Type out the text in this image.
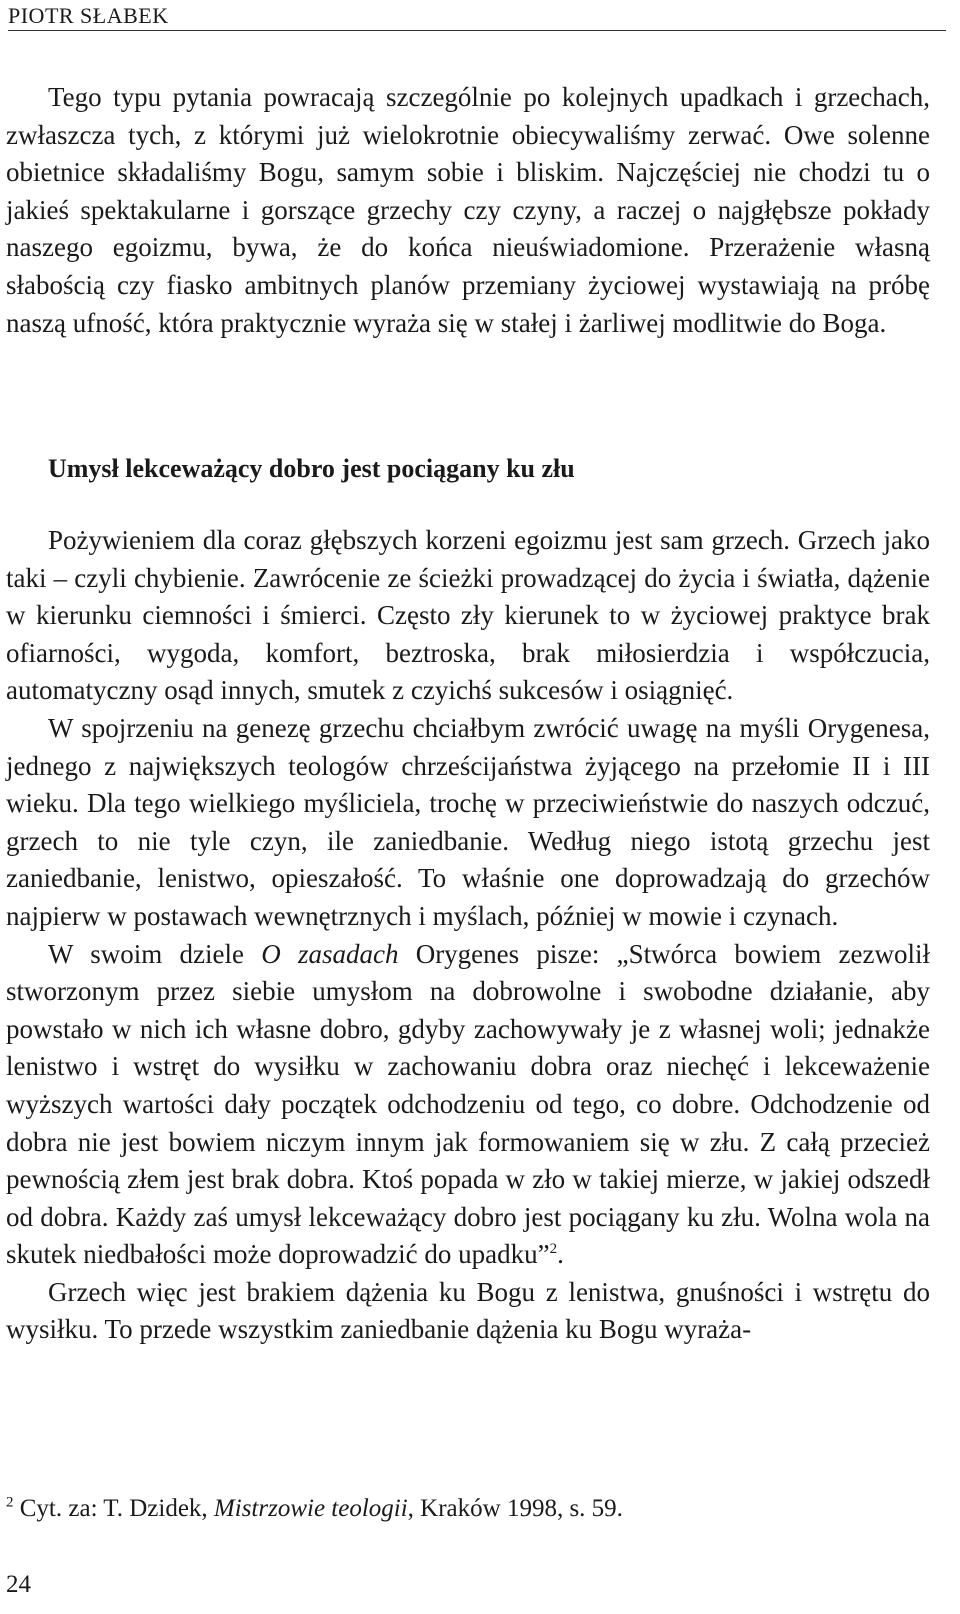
PIOTR SŁABEK

Tego typu pytania powracają szczególnie po kolejnych upadkach i grzechach, zwłaszcza tych, z którymi już wielokrotnie obiecywaliśmy zerwać. Owe solenne obietnice składaliśmy Bogu, samym sobie i bliskim. Najczęściej nie chodzi tu o jakieś spektakularne i gorszące grzechy czy czyny, a raczej o najgłębsze pokłady naszego egoizmu, bywa, że do końca nieuświadomione. Przerażenie własną słabością czy fiasko ambitnych planów przemiany życiowej wystawiają na próbę naszą ufność, która praktycznie wyraża się w stałej i żarliwej modlitwie do Boga.

Umysł lekceważący dobro jest pociągany ku złu

Pożywieniem dla coraz głębszych korzeni egoizmu jest sam grzech. Grzech jako taki – czyli chybienie. Zawrócenie ze ścieżki prowadzącej do życia i światła, dążenie w kierunku ciemności i śmierci. Często zły kierunek to w życiowej praktyce brak ofiarności, wygoda, komfort, beztroska, brak miłosierdzia i współczucia, automatyczny osąd innych, smutek z czyichś sukcesów i osiągnięć.

W spojrzeniu na genezę grzechu chciałbym zwrócić uwagę na myśli Orygenesa, jednego z największych teologów chrześcijaństwa żyjącego na przełomie II i III wieku. Dla tego wielkiego myśliciela, trochę w przeciwieństwie do naszych odczuć, grzech to nie tyle czyn, ile zaniedbanie. Według niego istotą grzechu jest zaniedbanie, lenistwo, opieszałość. To właśnie one doprowadzają do grzechów najpierw w postawach wewnętrznych i myślach, później w mowie i czynach.

W swoim dziele O zasadach Orygenes pisze: „Stwórca bowiem zezwolił stworzonym przez siebie umysłom na dobrowolne i swobodne działanie, aby powstało w nich ich własne dobro, gdyby zachowywały je z własnej woli; jednakże lenistwo i wstręt do wysiłku w zachowaniu dobra oraz niechęć i lekceważenie wyższych wartości dały początek odchodzeniu od tego, co dobre. Odchodzenie od dobra nie jest bowiem niczym innym jak formowaniem się w złu. Z całą przecież pewnością złem jest brak dobra. Ktoś popada w zło w takiej mierze, w jakiej odszedł od dobra. Każdy zaś umysł lekceważący dobro jest pociągany ku złu. Wolna wola na skutek niedbałości może doprowadzić do upadku”$^2$.

Grzech więc jest brakiem dążenia ku Bogu z lenistwa, gnuśności i wstrętu do wysiłku. To przede wszystkim zaniedbanie dążenia ku Bogu wyraża-

$^2$ Cyt. za: T. Dzidek, Mistrzowie teologii, Kraków 1998, s. 59.
24
